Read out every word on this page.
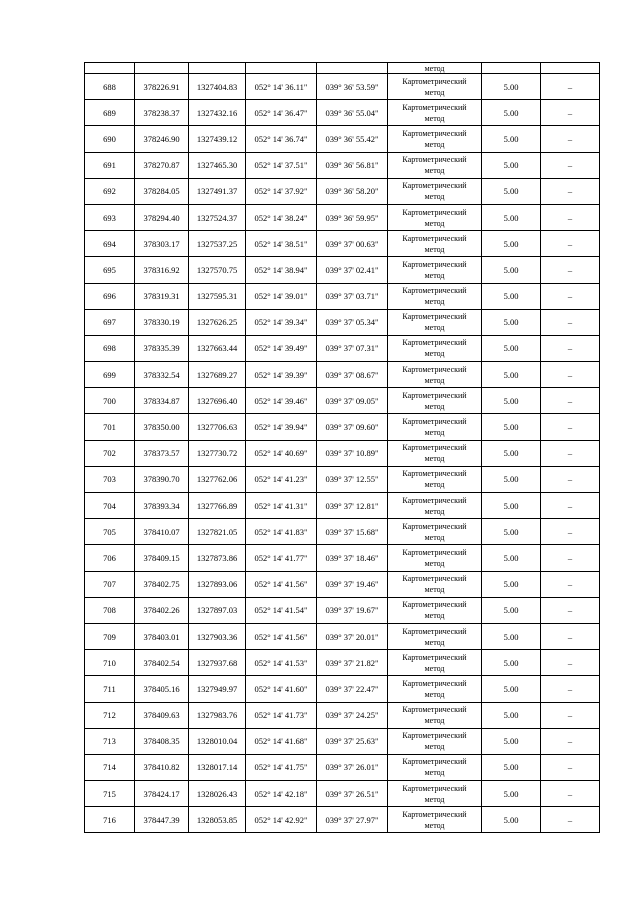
					метод		
688	378226.91	1327404.83	052° 14' 36.11"	039° 36' 53.59"	Картометрический
метод	5.00	–
689	378238.37	1327432.16	052° 14' 36.47"	039° 36' 55.04"	Картометрический
метод	5.00	–
690	378246.90	1327439.12	052° 14' 36.74"	039° 36' 55.42"	Картометрический
метод	5.00	–
691	378270.87	1327465.30	052° 14' 37.51"	039° 36' 56.81"	Картометрический
метод	5.00	–
692	378284.05	1327491.37	052° 14' 37.92"	039° 36' 58.20"	Картометрический
метод	5.00	–
693	378294.40	1327524.37	052° 14' 38.24"	039° 36' 59.95"	Картометрический
метод	5.00	–
694	378303.17	1327537.25	052° 14' 38.51"	039° 37' 00.63"	Картометрический
метод	5.00	–
695	378316.92	1327570.75	052° 14' 38.94"	039° 37' 02.41"	Картометрический
метод	5.00	–
696	378319.31	1327595.31	052° 14' 39.01"	039° 37' 03.71"	Картометрический
метод	5.00	–
697	378330.19	1327626.25	052° 14' 39.34"	039° 37' 05.34"	Картометрический
метод	5.00	–
698	378335.39	1327663.44	052° 14' 39.49"	039° 37' 07.31"	Картометрический
метод	5.00	–
699	378332.54	1327689.27	052° 14' 39.39"	039° 37' 08.67"	Картометрический
метод	5.00	–
700	378334.87	1327696.40	052° 14' 39.46"	039° 37' 09.05"	Картометрический
метод	5.00	–
701	378350.00	1327706.63	052° 14' 39.94"	039° 37' 09.60"	Картометрический
метод	5.00	–
702	378373.57	1327730.72	052° 14' 40.69"	039° 37' 10.89"	Картометрический
метод	5.00	–
703	378390.70	1327762.06	052° 14' 41.23"	039° 37' 12.55"	Картометрический
метод	5.00	–
704	378393.34	1327766.89	052° 14' 41.31"	039° 37' 12.81"	Картометрический
метод	5.00	–
705	378410.07	1327821.05	052° 14' 41.83"	039° 37' 15.68"	Картометрический
метод	5.00	–
706	378409.15	1327873.86	052° 14' 41.77"	039° 37' 18.46"	Картометрический
метод	5.00	–
707	378402.75	1327893.06	052° 14' 41.56"	039° 37' 19.46"	Картометрический
метод	5.00	–
708	378402.26	1327897.03	052° 14' 41.54"	039° 37' 19.67"	Картометрический
метод	5.00	–
709	378403.01	1327903.36	052° 14' 41.56"	039° 37' 20.01"	Картометрический
метод	5.00	–
710	378402.54	1327937.68	052° 14' 41.53"	039° 37' 21.82"	Картометрический
метод	5.00	–
711	378405.16	1327949.97	052° 14' 41.60"	039° 37' 22.47"	Картометрический
метод	5.00	–
712	378409.63	1327983.76	052° 14' 41.73"	039° 37' 24.25"	Картометрический
метод	5.00	–
713	378408.35	1328010.04	052° 14' 41.68"	039° 37' 25.63"	Картометрический
метод	5.00	–
714	378410.82	1328017.14	052° 14' 41.75"	039° 37' 26.01"	Картометрический
метод	5.00	–
715	378424.17	1328026.43	052° 14' 42.18"	039° 37' 26.51"	Картометрический
метод	5.00	–
716	378447.39	1328053.85	052° 14' 42.92"	039° 37' 27.97"	Картометрический
метод	5.00	–
